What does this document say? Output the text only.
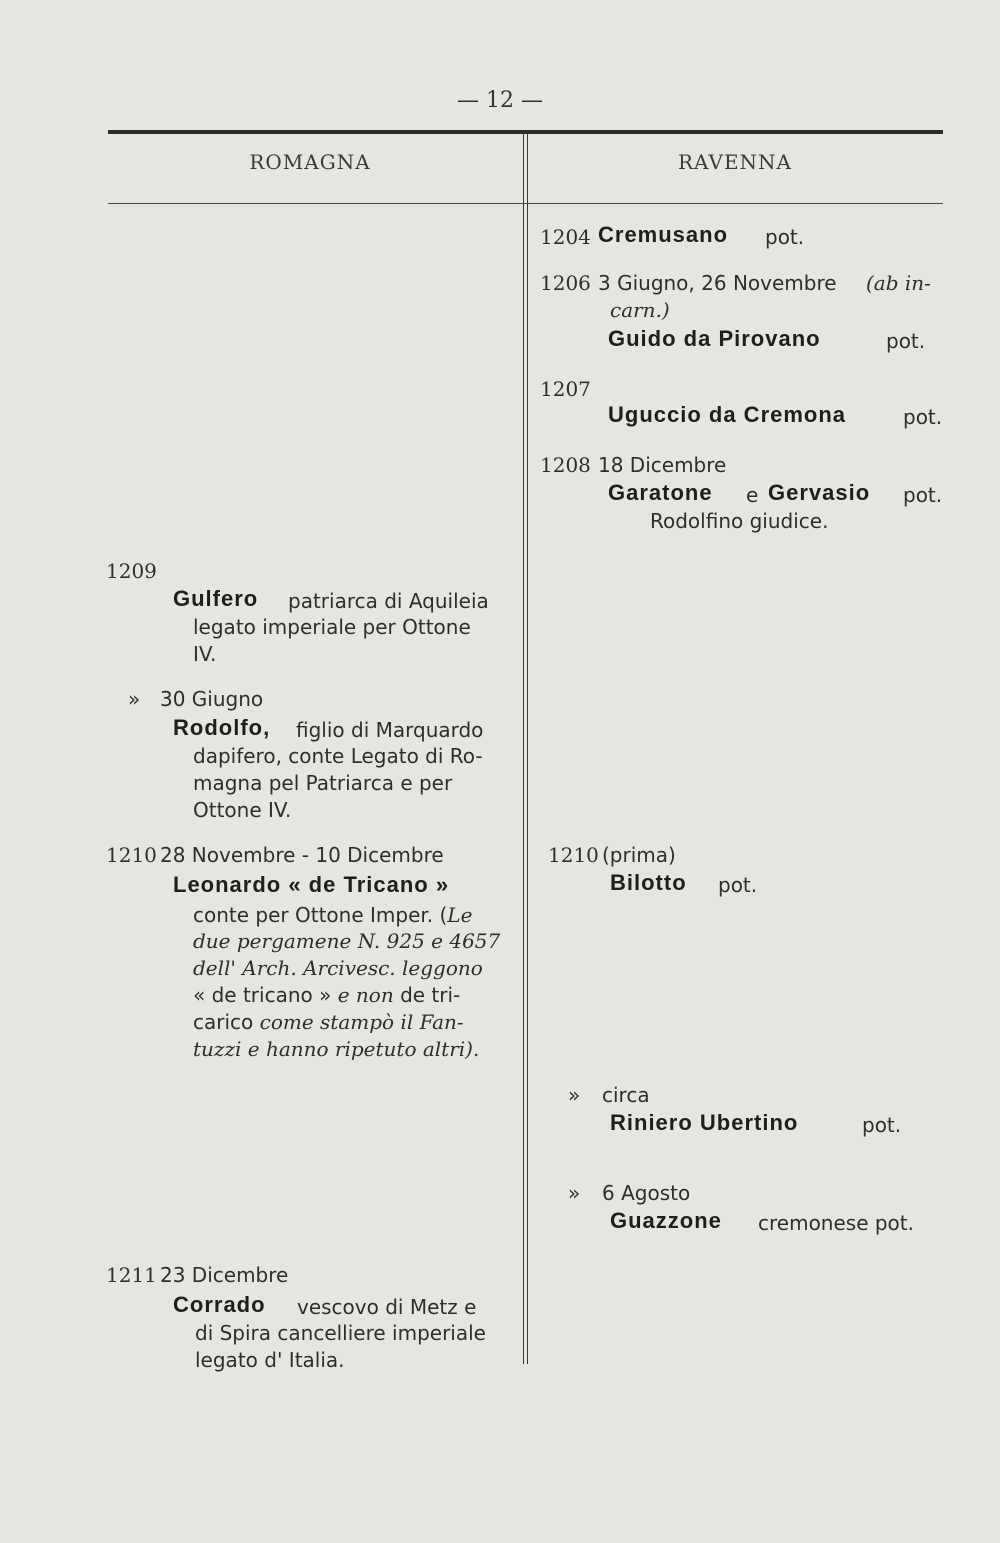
— 12 —
ROMAGNA	RAVENNA
1204 Cremusano pot.
1206 3 Giugno, 26 Novembre (ab in-
carn.)
Guido da Pirovano	pot.
1207
Uguccio da Cremona	pot.
1208 18 Dicembre
Garatone e Gervasio pot.
Rodolfino giudice.
1210 (prima)
Bilotto pot.
» circa
Riniero Ubertino	pot.
» 6 Agosto
Guazzone cremonese pot.
1209
Gulfero patriarca di Aquileia
legato imperiale per Ottone
IV.
» 30 Giugno
Rodolfo, figlio di Marquardo
dapifero, conte Legato di Ro-
magna pel Patriarca e per
Ottone IV.
1210 28 Novembre - 10 Dicembre
Leonardo « de Tricano »
conte per Ottone Imper. (Le
due pergamene N. 925 e 4657
dell' Arch. Arcivesc. leggono
« de tricano » e non de tri-
carico come stampò il Fan-
tuzzi e hanno ripetuto altri).
1211 23 Dicembre
Corrado vescovo di Metz e
di Spira cancelliere imperiale
legato d' Italia.
